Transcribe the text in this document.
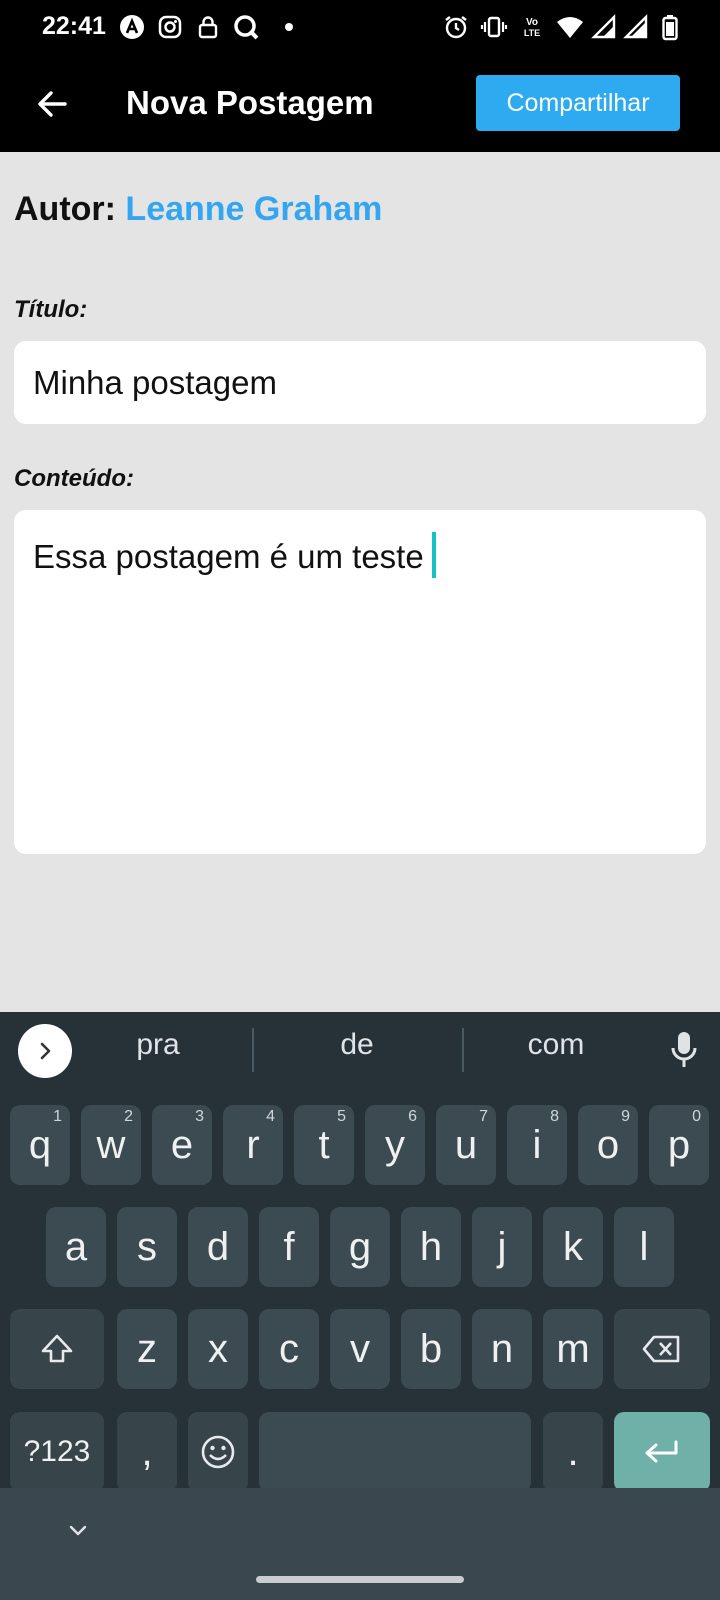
22:41	Vo
LTE
Nova Postagem	Compartilhar
Autor: Leanne Graham
Título:
Minha postagem
Conteúdo:
Essa postagem é um teste
pra	de	com
q
1
w
2
e
3
r
4
t
5
y
6
u
7
i
8
o
9
p
0
a	s	d	f	g	h	j	k	l
z	x	c	v	b	n	m
?123	,	.
